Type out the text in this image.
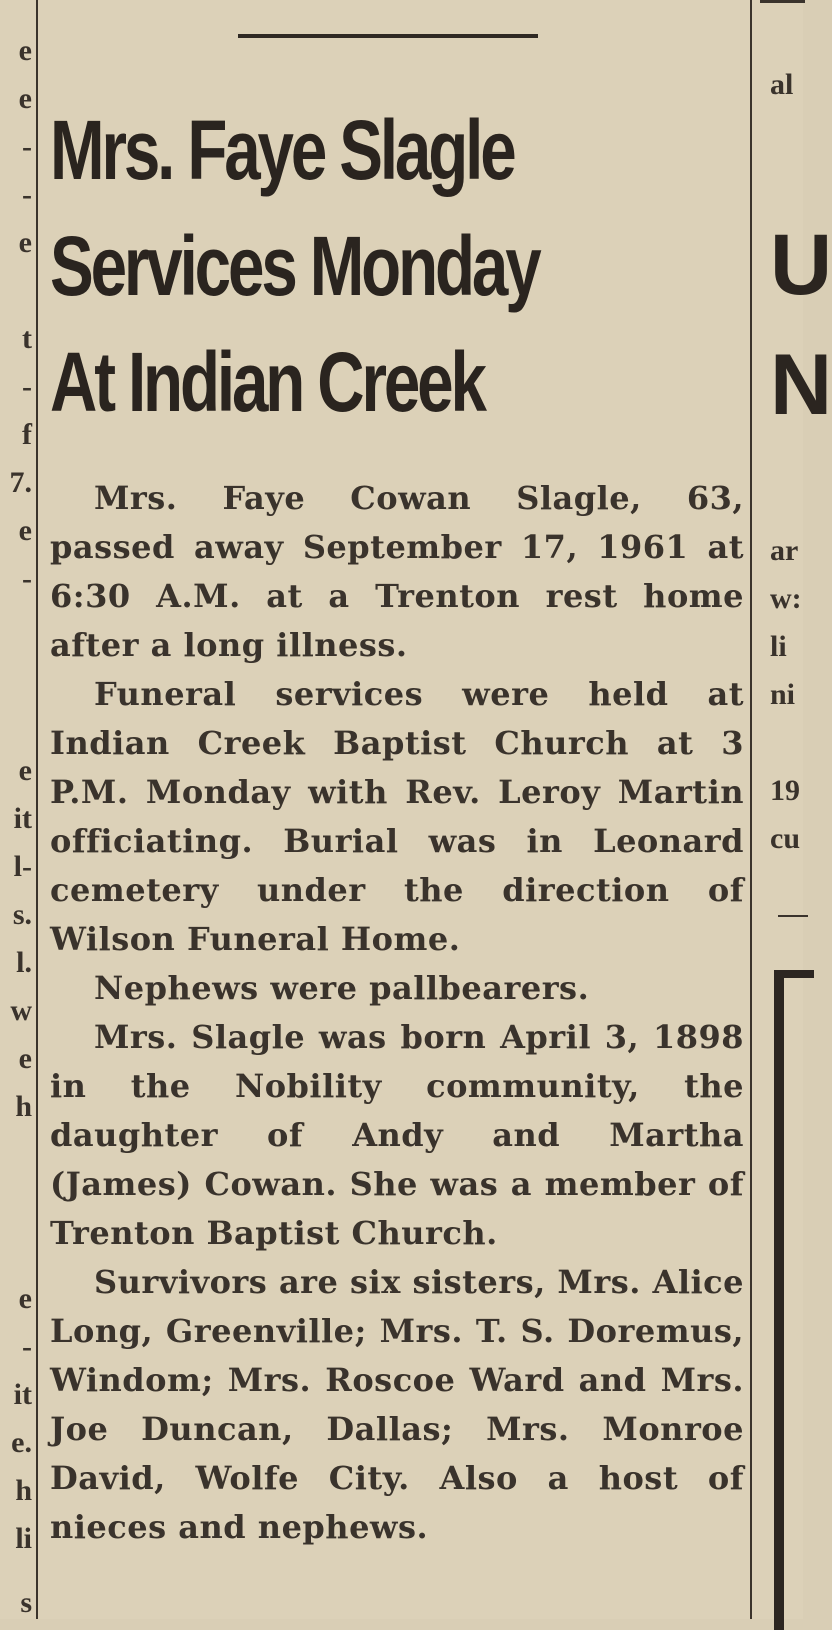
e
e
-
-
e
t
-
f
7.
e
-
e
it
l-
s.
l.
w
e
h
e
-
it
e.
h
li
s
Mrs. Faye Slagle
Services Monday
At Indian Creek

Mrs. Faye Cowan Slagle, 63, passed away September 17, 1961 at 6:30 A.M. at a Trenton rest home after a long illness.

Funeral services were held at Indian Creek Baptist Church at 3 P.M. Monday with Rev. Leroy Martin officiating. Burial was in Leonard cemetery under the direction of Wilson Funeral Home.

Nephews were pallbearers.

Mrs. Slagle was born April 3, 1898 in the Nobility community, the daughter of Andy and Martha (James) Cowan. She was a member of Trenton Baptist Church.

Survivors are six sisters, Mrs. Alice Long, Greenville; Mrs. T. S. Doremus, Windom; Mrs. Roscoe Ward and Mrs. Joe Duncan, Dallas; Mrs. Monroe David, Wolfe City. Also a host of nieces and nephews.

al
U
N
ar
w:
li
ni
19
cu
